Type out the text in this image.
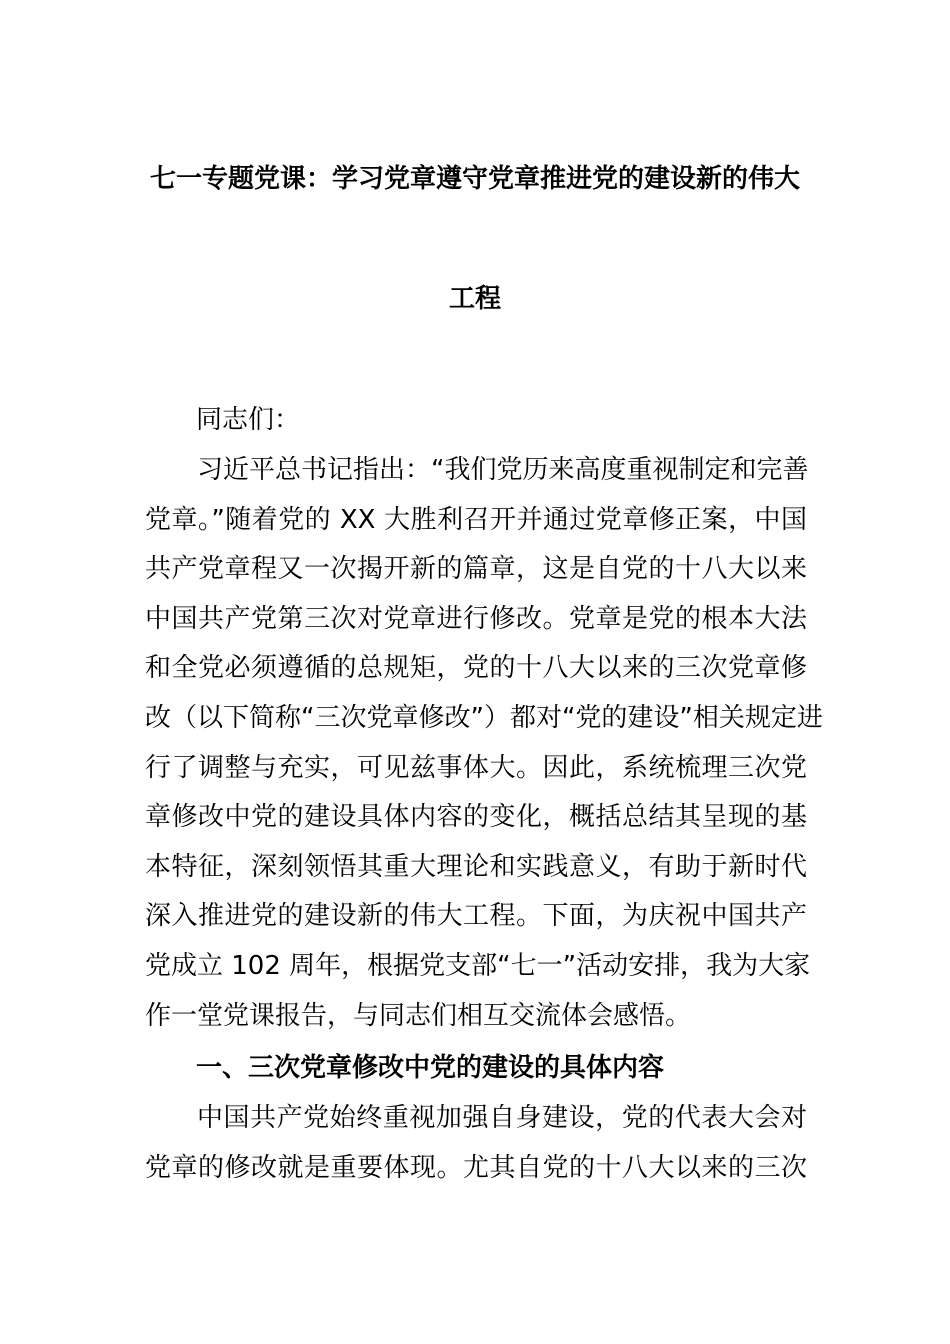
七一专题党课：学习党章遵守党章推进党的建设新的伟大
工程
同志们：
习近平总书记指出：“我们党历来高度重视制定和完善
党章。”随着党的 XX 大胜利召开并通过党章修正案，中国
共产党章程又一次揭开新的篇章，这是自党的十八大以来
中国共产党第三次对党章进行修改。党章是党的根本大法
和全党必须遵循的总规矩，党的十八大以来的三次党章修
改（以下简称“三次党章修改”）都对“党的建设”相关规定进
行了调整与充实，可见兹事体大。因此，系统梳理三次党
章修改中党的建设具体内容的变化，概括总结其呈现的基
本特征，深刻领悟其重大理论和实践意义，有助于新时代
深入推进党的建设新的伟大工程。下面，为庆祝中国共产
党成立 102 周年，根据党支部“七一”活动安排，我为大家
作一堂党课报告，与同志们相互交流体会感悟。
一、三次党章修改中党的建设的具体内容
中国共产党始终重视加强自身建设，党的代表大会对
党章的修改就是重要体现。尤其自党的十八大以来的三次
